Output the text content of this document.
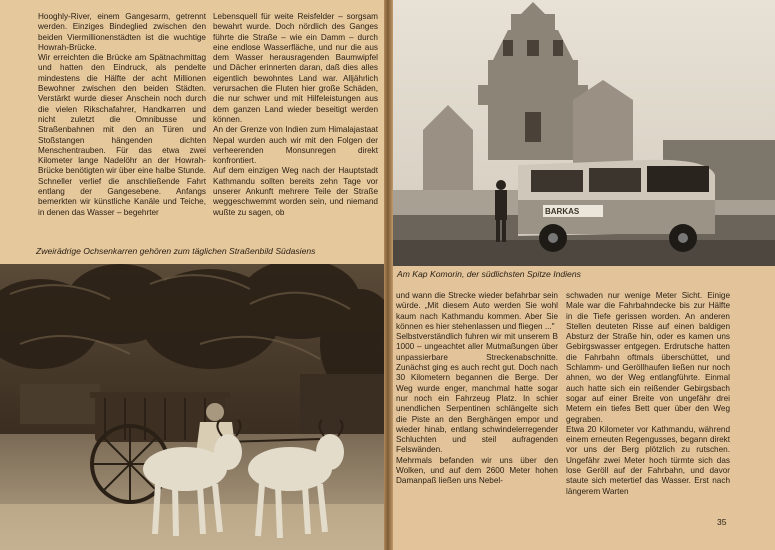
Hooghly-River, einem Gangesarm, getrennt werden. Einziges Bindeglied zwischen den beiden Viermillionenstädten ist die wuchtige Howrah-Brücke.

Wir erreichten die Brücke am Spätnachmittag und hatten den Eindruck, als pendelte mindestens die Hälfte der acht Millionen Bewohner zwischen den beiden Städten. Verstärkt wurde dieser Anschein noch durch die vielen Rikschafahrer, Handkarren und nicht zuletzt die Omnibusse und Straßenbahnen mit den an Türen und Stoßstangen hängenden dichten Menschentrauben. Für das etwa zwei Kilometer lange Nadelöhr an der Howrah-Brücke benötigten wir über eine halbe Stunde.

Schneller verlief die anschließende Fahrt entlang der Gangesebene. Anfangs bemerkten wir künstliche Kanäle und Teiche, in denen das Wasser – begehrter

Lebensquell für weite Reisfelder – sorgsam bewahrt wurde. Doch nördlich des Ganges führte die Straße – wie ein Damm – durch eine endlose Wasserfläche, und nur die aus dem Wasser herausragenden Baumwipfel und Dächer erinnerten daran, daß dies alles eigentlich bewohntes Land war. Alljährlich verursachen die Fluten hier große Schäden, die nur schwer und mit Hilfeleistungen aus dem ganzen Land wieder beseitigt werden können.

An der Grenze von Indien zum Himalajastaat Nepal wurden auch wir mit den Folgen der verheerenden Monsunregen direkt konfrontiert.

Auf dem einzigen Weg nach der Hauptstadt Kathmandu sollten bereits zehn Tage vor unserer Ankunft mehrere Teile der Straße weggeschwemmt worden sein, und niemand wußte zu sagen, ob

Zweirädrige Ochsenkarren gehören zum täglichen Straßenbild Südasiens
BARKAS
Am Kap Komorin, der südlichsten Spitze Indiens

und wann die Strecke wieder befahrbar sein würde. „Mit diesem Auto werden Sie wohl kaum nach Kathmandu kommen. Aber Sie können es hier stehenlassen und fliegen ..."

Selbstverständlich fuhren wir mit unserem B 1000 – ungeachtet aller Mutmaßungen über unpassierbare Streckenabschnitte. Zunächst ging es auch recht gut. Doch nach 30 Kilometern begannen die Berge. Der Weg wurde enger, manchmal hatte sogar nur noch ein Fahrzeug Platz. In schier unendlichen Serpentinen schlängelte sich die Piste an den Berghängen empor und wieder hinab, entlang schwindelerregender Schluchten und steil aufragenden Felswänden.

Mehrmals befanden wir uns über den Wolken, und auf dem 2600 Meter hohen Damanpaß ließen uns Nebel-

schwaden nur wenige Meter Sicht. Einige Male war die Fahrbahndecke bis zur Hälfte in die Tiefe gerissen worden. An anderen Stellen deuteten Risse auf einen baldigen Absturz der Straße hin, oder es kamen uns Gebirgswasser entgegen. Erdrutsche hatten die Fahrbahn oftmals überschüttet, und Schlamm- und Geröllhaufen ließen nur noch ahnen, wo der Weg entlangführte. Einmal auch hatte sich ein reißender Gebirgsbach sogar auf einer Breite von ungefähr drei Metern ein tiefes Bett quer über den Weg gegraben.

Etwa 20 Kilometer vor Kathmandu, während einem erneuten Regengusses, begann direkt vor uns der Berg plötzlich zu rutschen. Ungefähr zwei Meter hoch türmte sich das lose Geröll auf der Fahrbahn, und davor staute sich metertief das Wasser. Erst nach längerem Warten

35
